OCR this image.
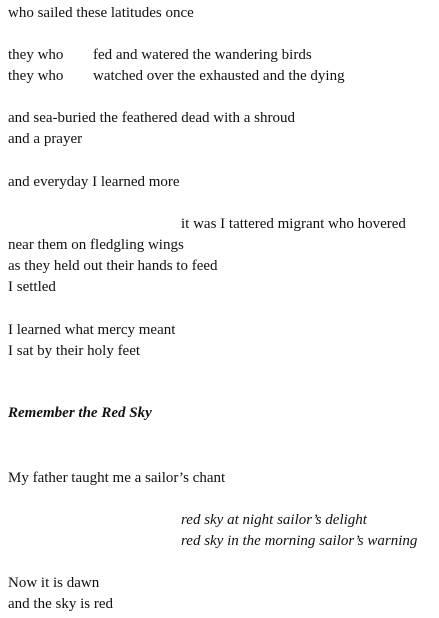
who sailed these latitudes once
they who fed and watered the wandering birds
they who watched over the exhausted and the dying
and sea-buried the feathered dead with a shroud
and a prayer
and everyday I learned more
it was I tattered migrant who hovered
near them on fledgling wings
as they held out their hands to feed
I settled
I learned what mercy meant
I sat by their holy feet
Remember the Red Sky
My father taught me a sailor’s chant
red sky at night sailor’s delight
red sky in the morning sailor’s warning
Now it is dawn
and the sky is red
